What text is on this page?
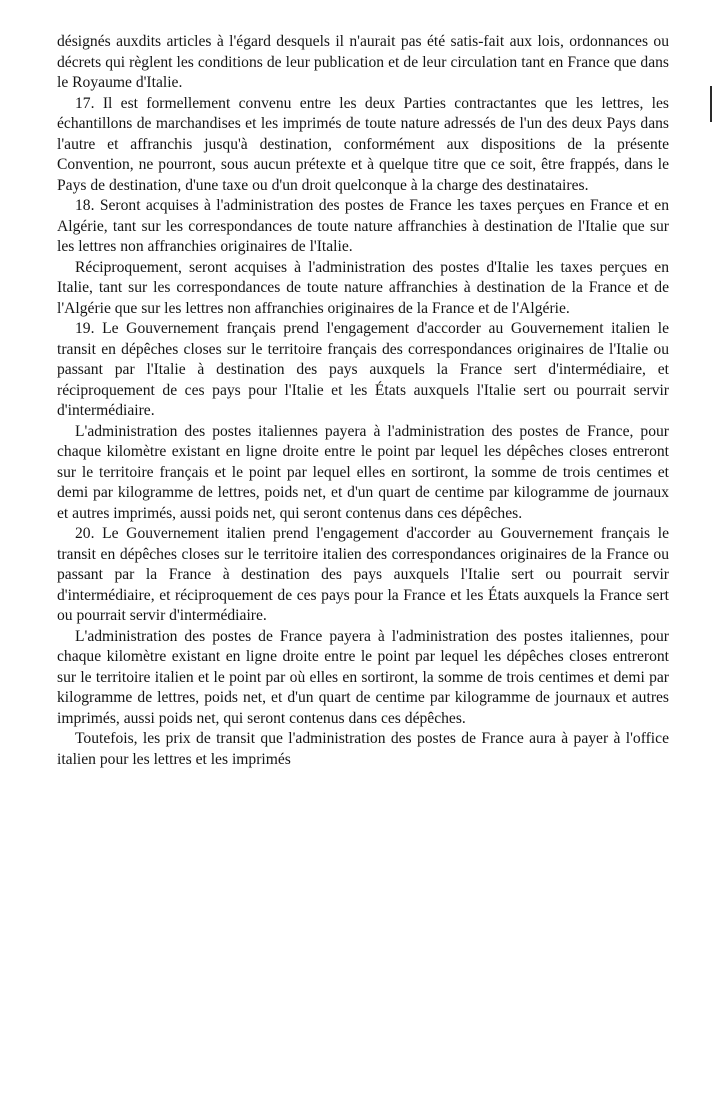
désignés auxdits articles à l'égard desquels il n'aurait pas été satis-fait aux lois, ordonnances ou décrets qui règlent les conditions de leur publication et de leur circulation tant en France que dans le Royaume d'Italie.

17. Il est formellement convenu entre les deux Parties contractantes que les lettres, les échantillons de marchandises et les imprimés de toute nature adressés de l'un des deux Pays dans l'autre et affranchis jusqu'à destination, conformément aux dispositions de la présente Convention, ne pourront, sous aucun prétexte et à quelque titre que ce soit, être frappés, dans le Pays de destination, d'une taxe ou d'un droit quelconque à la charge des destinataires.

18. Seront acquises à l'administration des postes de France les taxes perçues en France et en Algérie, tant sur les correspondances de toute nature affranchies à destination de l'Italie que sur les lettres non affranchies originaires de l'Italie.

Réciproquement, seront acquises à l'administration des postes d'Italie les taxes perçues en Italie, tant sur les correspondances de toute nature affranchies à destination de la France et de l'Algérie que sur les lettres non affranchies originaires de la France et de l'Algérie.

19. Le Gouvernement français prend l'engagement d'accorder au Gouvernement italien le transit en dépêches closes sur le territoire français des correspondances originaires de l'Italie ou passant par l'Italie à destination des pays auxquels la France sert d'intermédiaire, et réciproquement de ces pays pour l'Italie et les États auxquels l'Italie sert ou pourrait servir d'intermédiaire.

L'administration des postes italiennes payera à l'administration des postes de France, pour chaque kilomètre existant en ligne droite entre le point par lequel les dépêches closes entreront sur le territoire français et le point par lequel elles en sortiront, la somme de trois centimes et demi par kilogramme de lettres, poids net, et d'un quart de centime par kilogramme de journaux et autres imprimés, aussi poids net, qui seront contenus dans ces dépêches.

20. Le Gouvernement italien prend l'engagement d'accorder au Gouvernement français le transit en dépêches closes sur le territoire italien des correspondances originaires de la France ou passant par la France à destination des pays auxquels l'Italie sert ou pourrait servir d'intermédiaire, et réciproquement de ces pays pour la France et les États auxquels la France sert ou pourrait servir d'intermédiaire.

L'administration des postes de France payera à l'administration des postes italiennes, pour chaque kilomètre existant en ligne droite entre le point par lequel les dépêches closes entreront sur le territoire italien et le point par où elles en sortiront, la somme de trois centimes et demi par kilogramme de lettres, poids net, et d'un quart de centime par kilogramme de journaux et autres imprimés, aussi poids net, qui seront contenus dans ces dépêches.

Toutefois, les prix de transit que l'administration des postes de France aura à payer à l'office italien pour les lettres et les imprimés
